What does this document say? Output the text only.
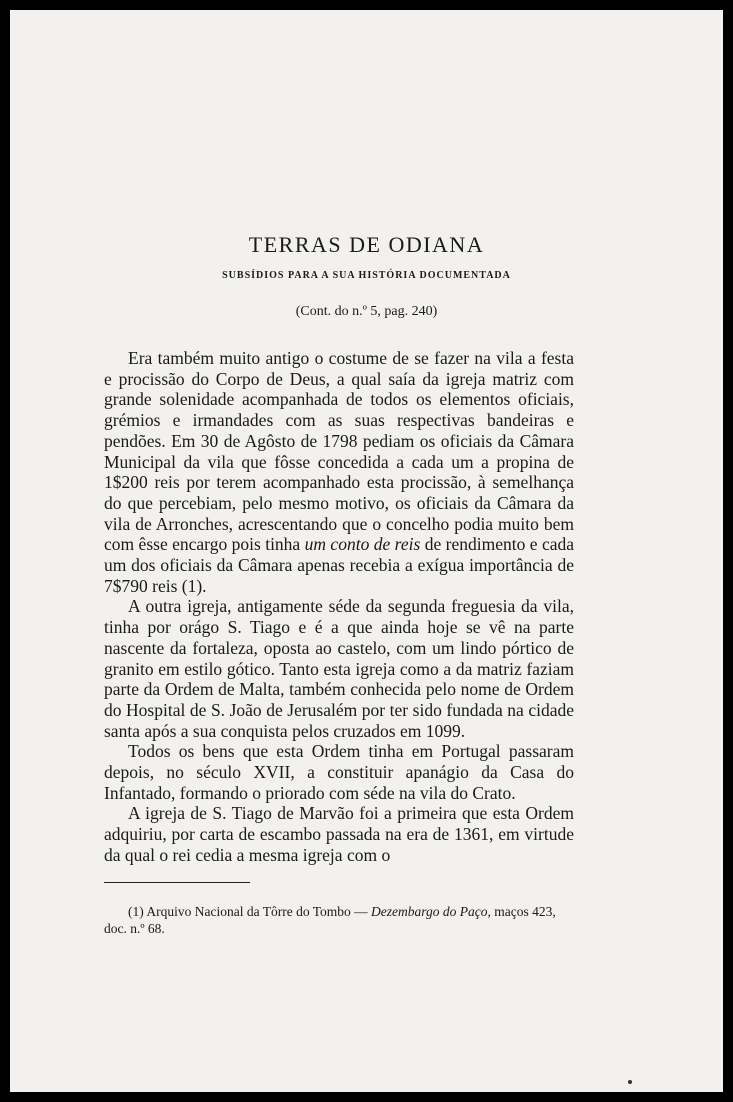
TERRAS DE ODIANA
SUBSÍDIOS PARA A SUA HISTÓRIA DOCUMENTADA
(Cont. do n.º 5, pag. 240)

Era também muito antigo o costume de se fazer na vila a festa e procissão do Corpo de Deus, a qual saía da igreja matriz com grande solenidade acompanhada de todos os elementos oficiais, grémios e irmandades com as suas respectivas bandeiras e pendões. Em 30 de Agôsto de 1798 pediam os oficiais da Câmara Municipal da vila que fôsse concedida a cada um a propina de 1$200 reis por terem acompanhado esta procissão, à semelhança do que percebiam, pelo mesmo motivo, os oficiais da Câmara da vila de Arronches, acrescentando que o concelho podia muito bem com êsse encargo pois tinha um conto de reis de rendimento e cada um dos oficiais da Câmara apenas recebia a exígua importância de 7$790 reis (1).

A outra igreja, antigamente séde da segunda freguesia da vila, tinha por orágo S. Tiago e é a que ainda hoje se vê na parte nascente da fortaleza, oposta ao castelo, com um lindo pórtico de granito em estilo gótico. Tanto esta igreja como a da matriz faziam parte da Ordem de Malta, também conhecida pelo nome de Ordem do Hospital de S. João de Jerusalém por ter sido fundada na cidade santa após a sua conquista pelos cruzados em 1099.

Todos os bens que esta Ordem tinha em Portugal passaram depois, no século XVII, a constituir apanágio da Casa do Infantado, formando o priorado com séde na vila do Crato.

A igreja de S. Tiago de Marvão foi a primeira que esta Ordem adquiriu, por carta de escambo passada na era de 1361, em virtude da qual o rei cedia a mesma igreja com o

(1) Arquivo Nacional da Tôrre do Tombo — Dezembargo do Paço, maços 423, doc. n.º 68.
